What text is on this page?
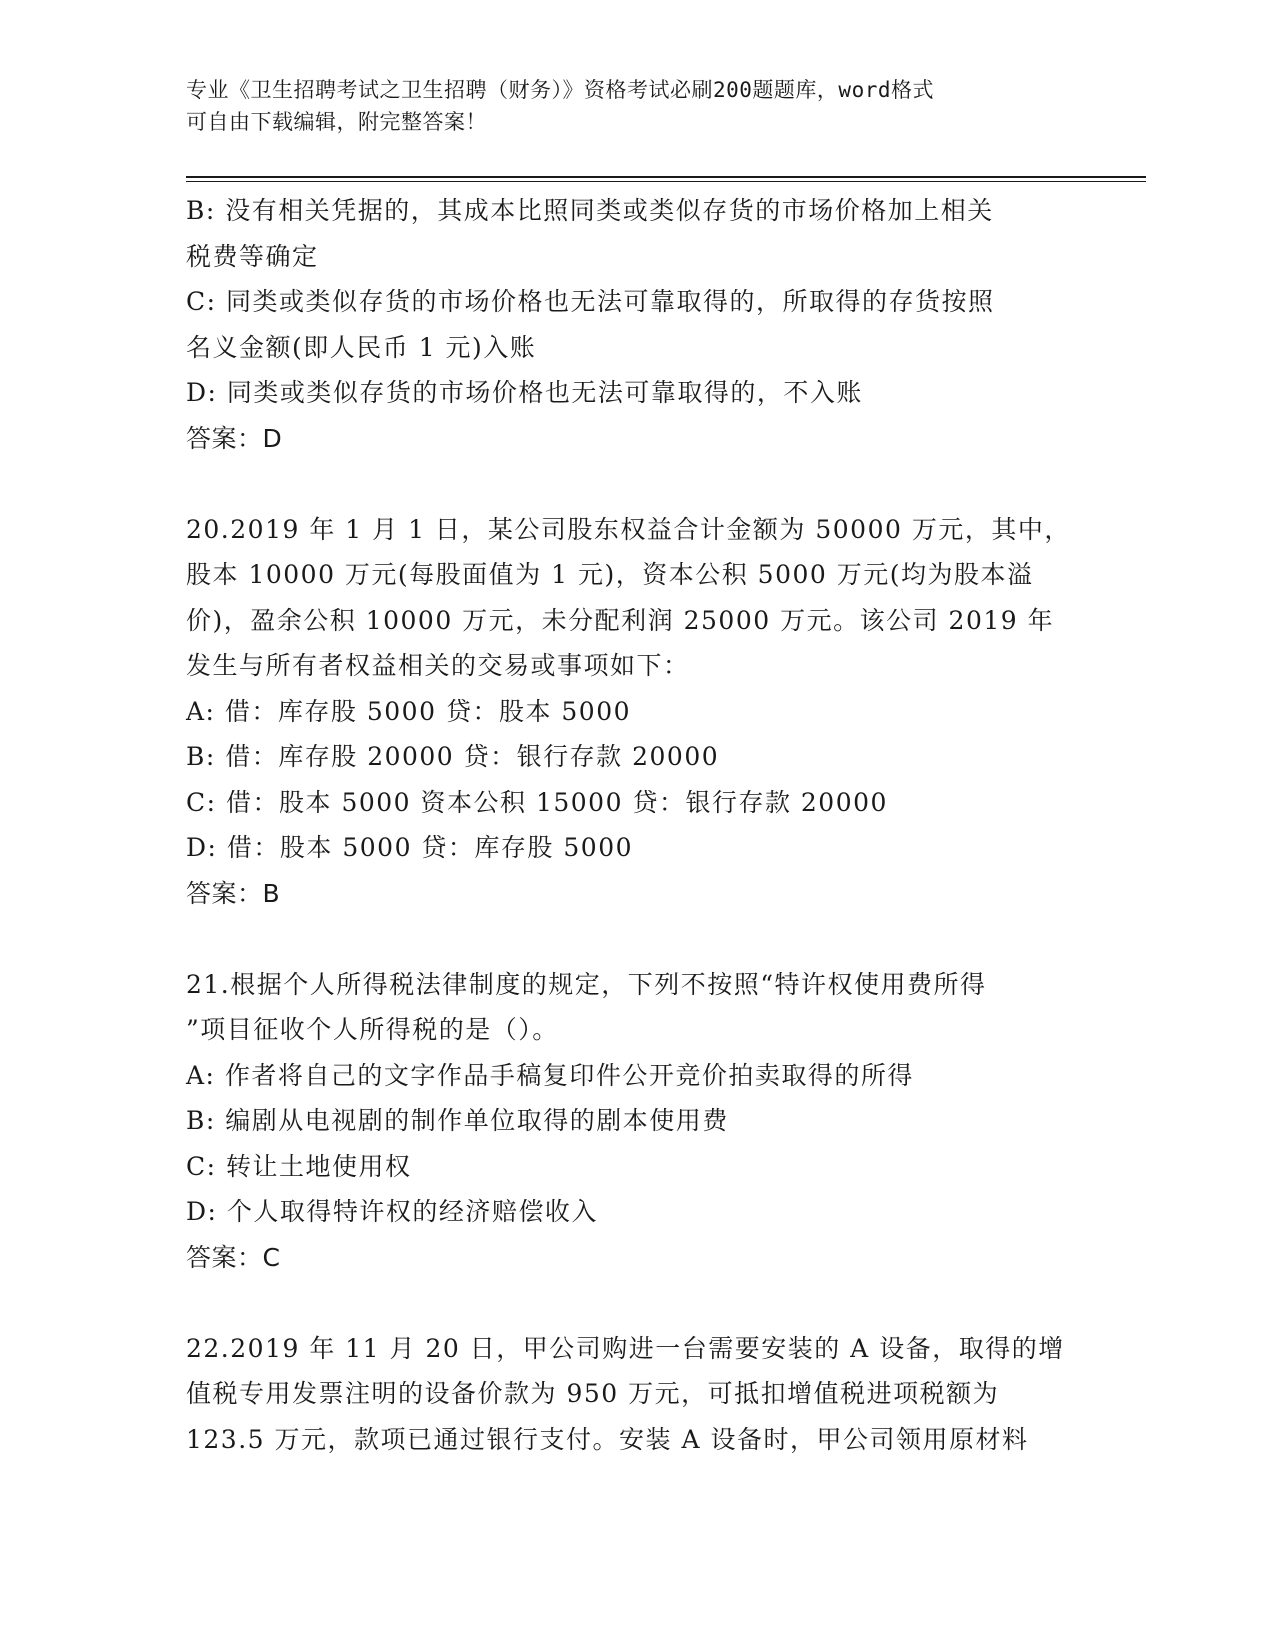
专业《卫生招聘考试之卫生招聘（财务）》资格考试必刷200题题库，word格式
可自由下载编辑，附完整答案！

B: 没有相关凭据的，其成本比照同类或类似存货的市场价格加上相关

税费等确定

C: 同类或类似存货的市场价格也无法可靠取得的，所取得的存货按照

名义金额(即人民币 1 元)入账

D: 同类或类似存货的市场价格也无法可靠取得的，不入账

答案：D

20.2019 年 1 月 1 日，某公司股东权益合计金额为 50000 万元，其中，

股本 10000 万元(每股面值为 1 元)，资本公积 5000 万元(均为股本溢

价)，盈余公积 10000 万元，未分配利润 25000 万元。该公司 2019 年

发生与所有者权益相关的交易或事项如下：

A: 借：库存股 5000 贷：股本 5000

B: 借：库存股 20000 贷：银行存款 20000

C: 借：股本 5000 资本公积 15000 贷：银行存款 20000

D: 借：股本 5000 贷：库存股 5000

答案：B

21.根据个人所得税法律制度的规定，下列不按照“特许权使用费所得

”项目征收个人所得税的是（）。

A: 作者将自己的文字作品手稿复印件公开竞价拍卖取得的所得

B: 编剧从电视剧的制作单位取得的剧本使用费

C: 转让土地使用权

D: 个人取得特许权的经济赔偿收入

答案：C

22.2019 年 11 月 20 日，甲公司购进一台需要安装的 A 设备，取得的增

值税专用发票注明的设备价款为 950 万元，可抵扣增值税进项税额为

123.5 万元，款项已通过银行支付。安装 A 设备时，甲公司领用原材料
